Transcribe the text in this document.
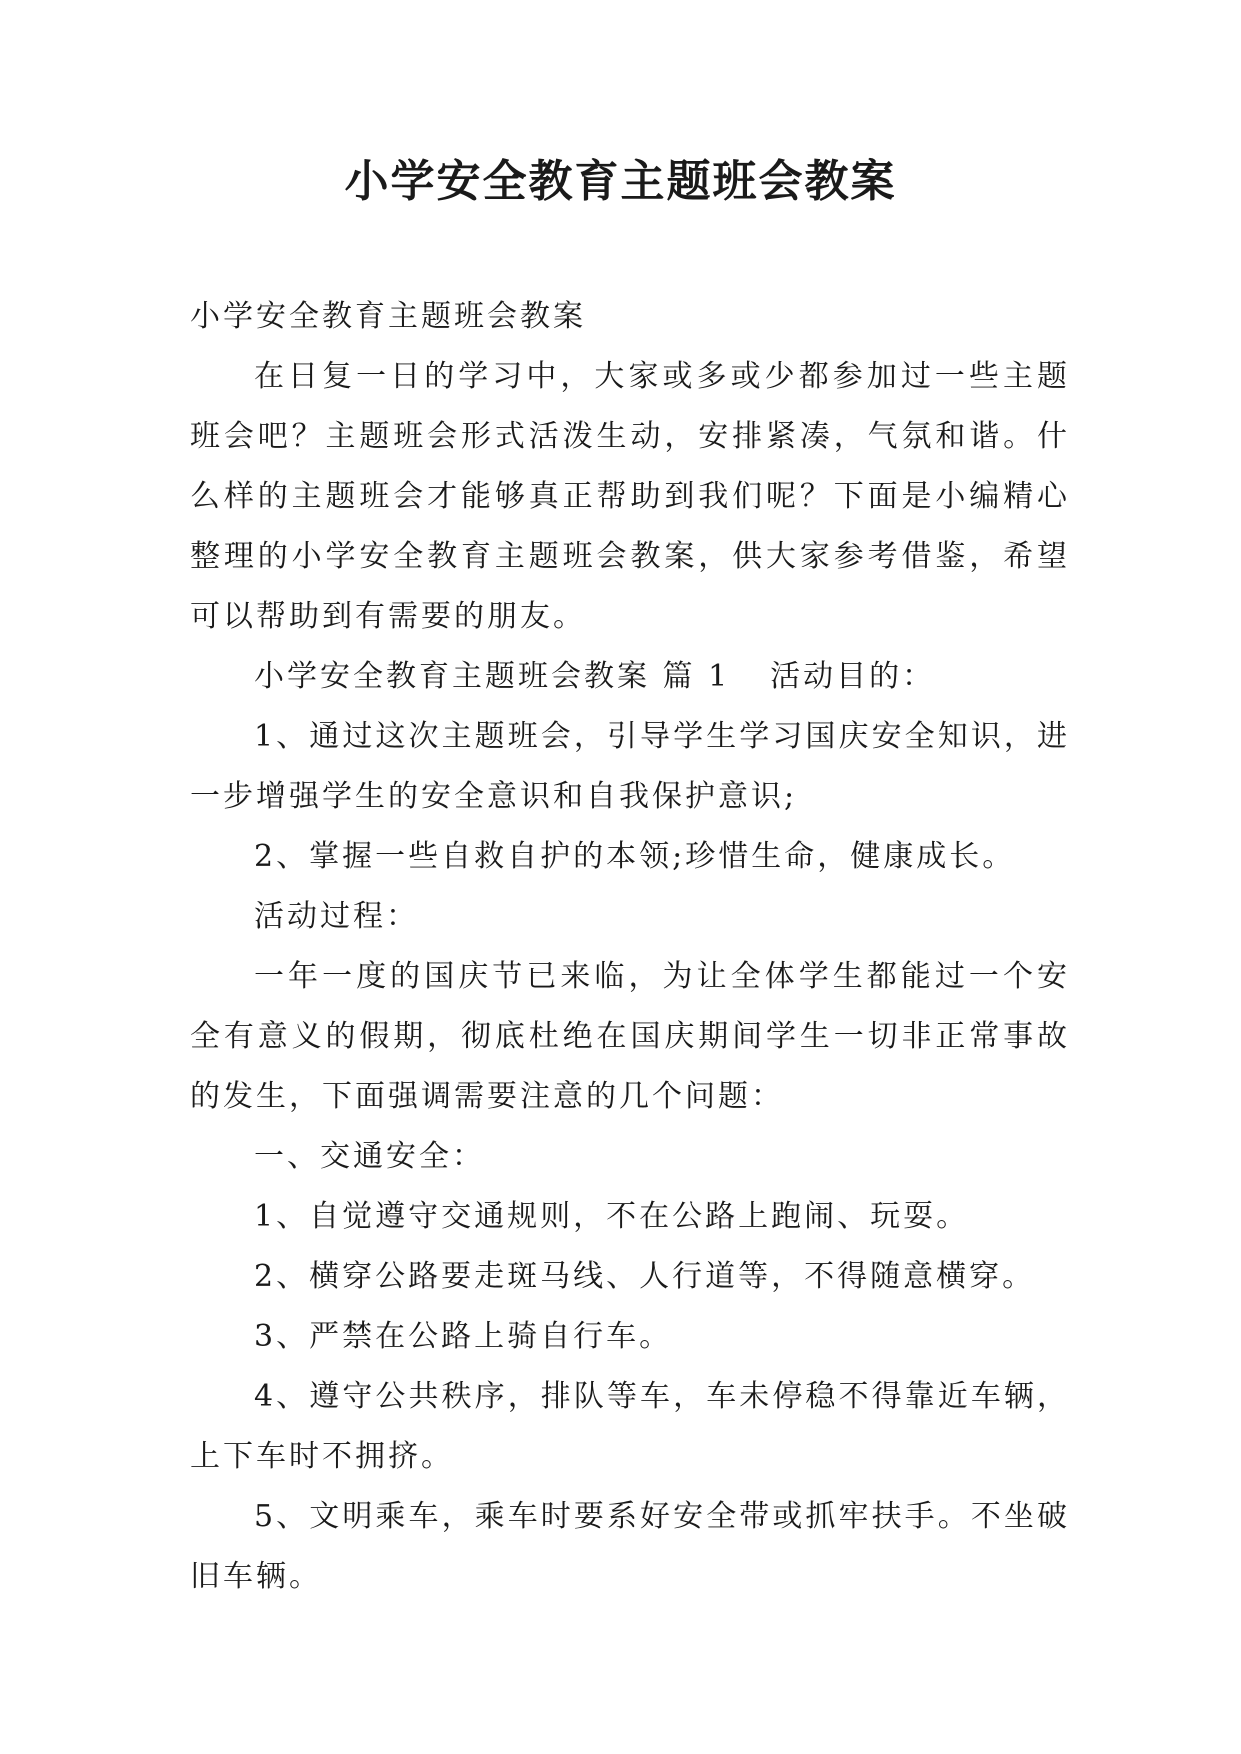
小学安全教育主题班会教案

小学安全教育主题班会教案

在日复一日的学习中，大家或多或少都参加过一些主题班会吧？主题班会形式活泼生动，安排紧凑，气氛和谐。什么样的主题班会才能够真正帮助到我们呢？下面是小编精心整理的小学安全教育主题班会教案，供大家参考借鉴，希望可以帮助到有需要的朋友。

小学安全教育主题班会教案 篇 1 活动目的：

1、通过这次主题班会，引导学生学习国庆安全知识，进一步增强学生的安全意识和自我保护意识;

2、掌握一些自救自护的本领;珍惜生命，健康成长。

活动过程：

一年一度的国庆节已来临，为让全体学生都能过一个安全有意义的假期，彻底杜绝在国庆期间学生一切非正常事故的发生，下面强调需要注意的几个问题：

一、交通安全：

1、自觉遵守交通规则，不在公路上跑闹、玩耍。

2、横穿公路要走斑马线、人行道等，不得随意横穿。

3、严禁在公路上骑自行车。

4、遵守公共秩序，排队等车，车未停稳不得靠近车辆，上下车时不拥挤。

5、文明乘车，乘车时要系好安全带或抓牢扶手。不坐破旧车辆。
